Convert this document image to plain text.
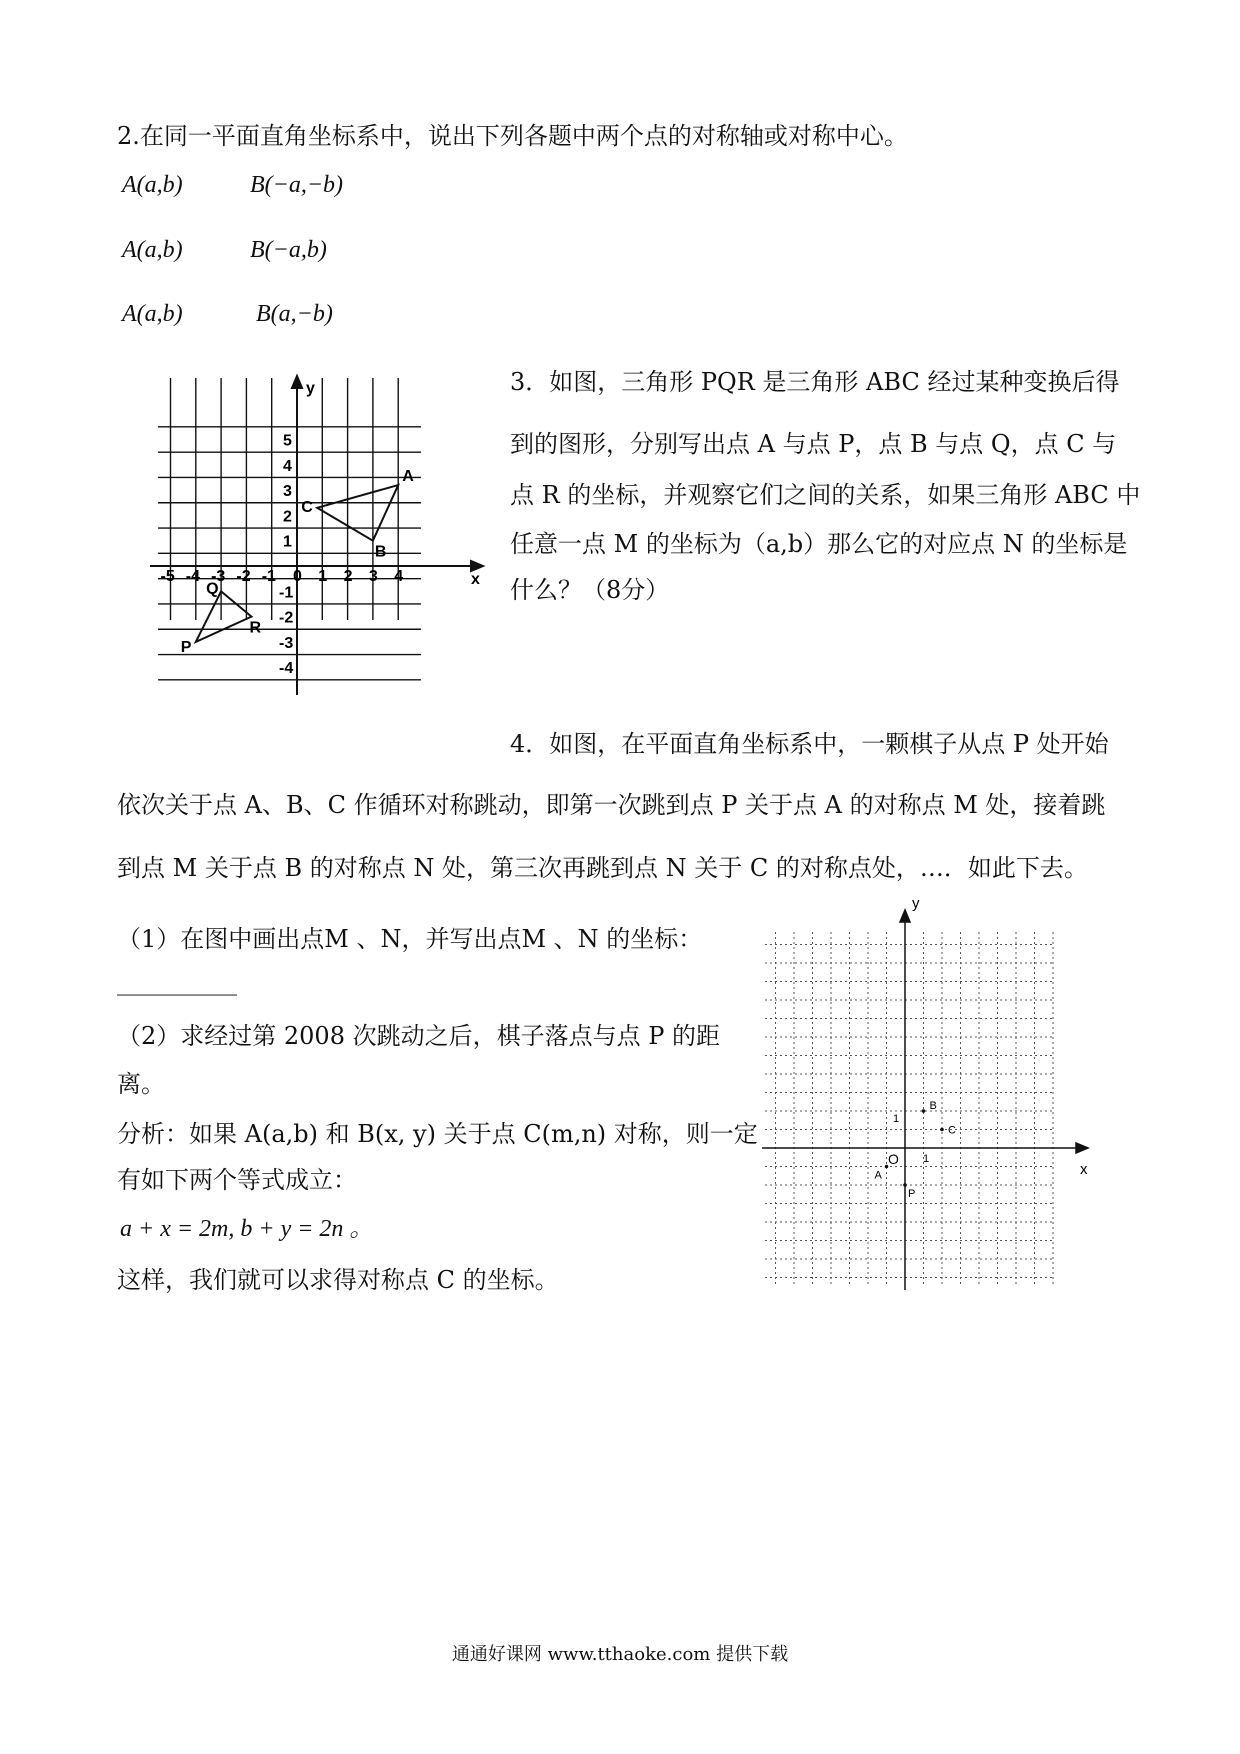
2.在同一平面直角坐标系中，说出下列各题中两个点的对称轴或对称中心。
A(a,b)	B(−a,−b)
A(a,b)	B(−a,b)
A(a,b)	B(a,−b)
x
y
-5 -4 -3 -2 -1 0 1 2 3 4
5
4
3
2
1
-1
-2
-3
-4
A
B
C
P
Q
R
3．如图，三角形 PQR 是三角形 ABC 经过某种变换后得
到的图形，分别写出点 A 与点 P，点 B 与点 Q，点 C 与
点 R 的坐标，并观察它们之间的关系，如果三角形 ABC 中
任意一点 M 的坐标为（a,b）那么它的对应点 N 的坐标是
什么？（8分）
4．如图，在平面直角坐标系中，一颗棋子从点 P 处开始
依次关于点 A、B、C 作循环对称跳动，即第一次跳到点 P 关于点 A 的对称点 M 处，接着跳
到点 M 关于点 B 的对称点 N 处，第三次再跳到点 N 关于 C 的对称点处，…．如此下去。
（1）在图中画出点M 、N，并写出点M 、N 的坐标：
__________
（2）求经过第 2008 次跳动之后，棋子落点与点 P 的距
离。
分析：如果 A(a,b) 和 B(x, y) 关于点 C(m,n) 对称，则一定
有如下两个等式成立：
a + x = 2m, b + y = 2n 。
这样，我们就可以求得对称点 C 的坐标。
x
y
O 1
1
A
B
C
P
通通好课网 www.tthaoke.com 提供下载
